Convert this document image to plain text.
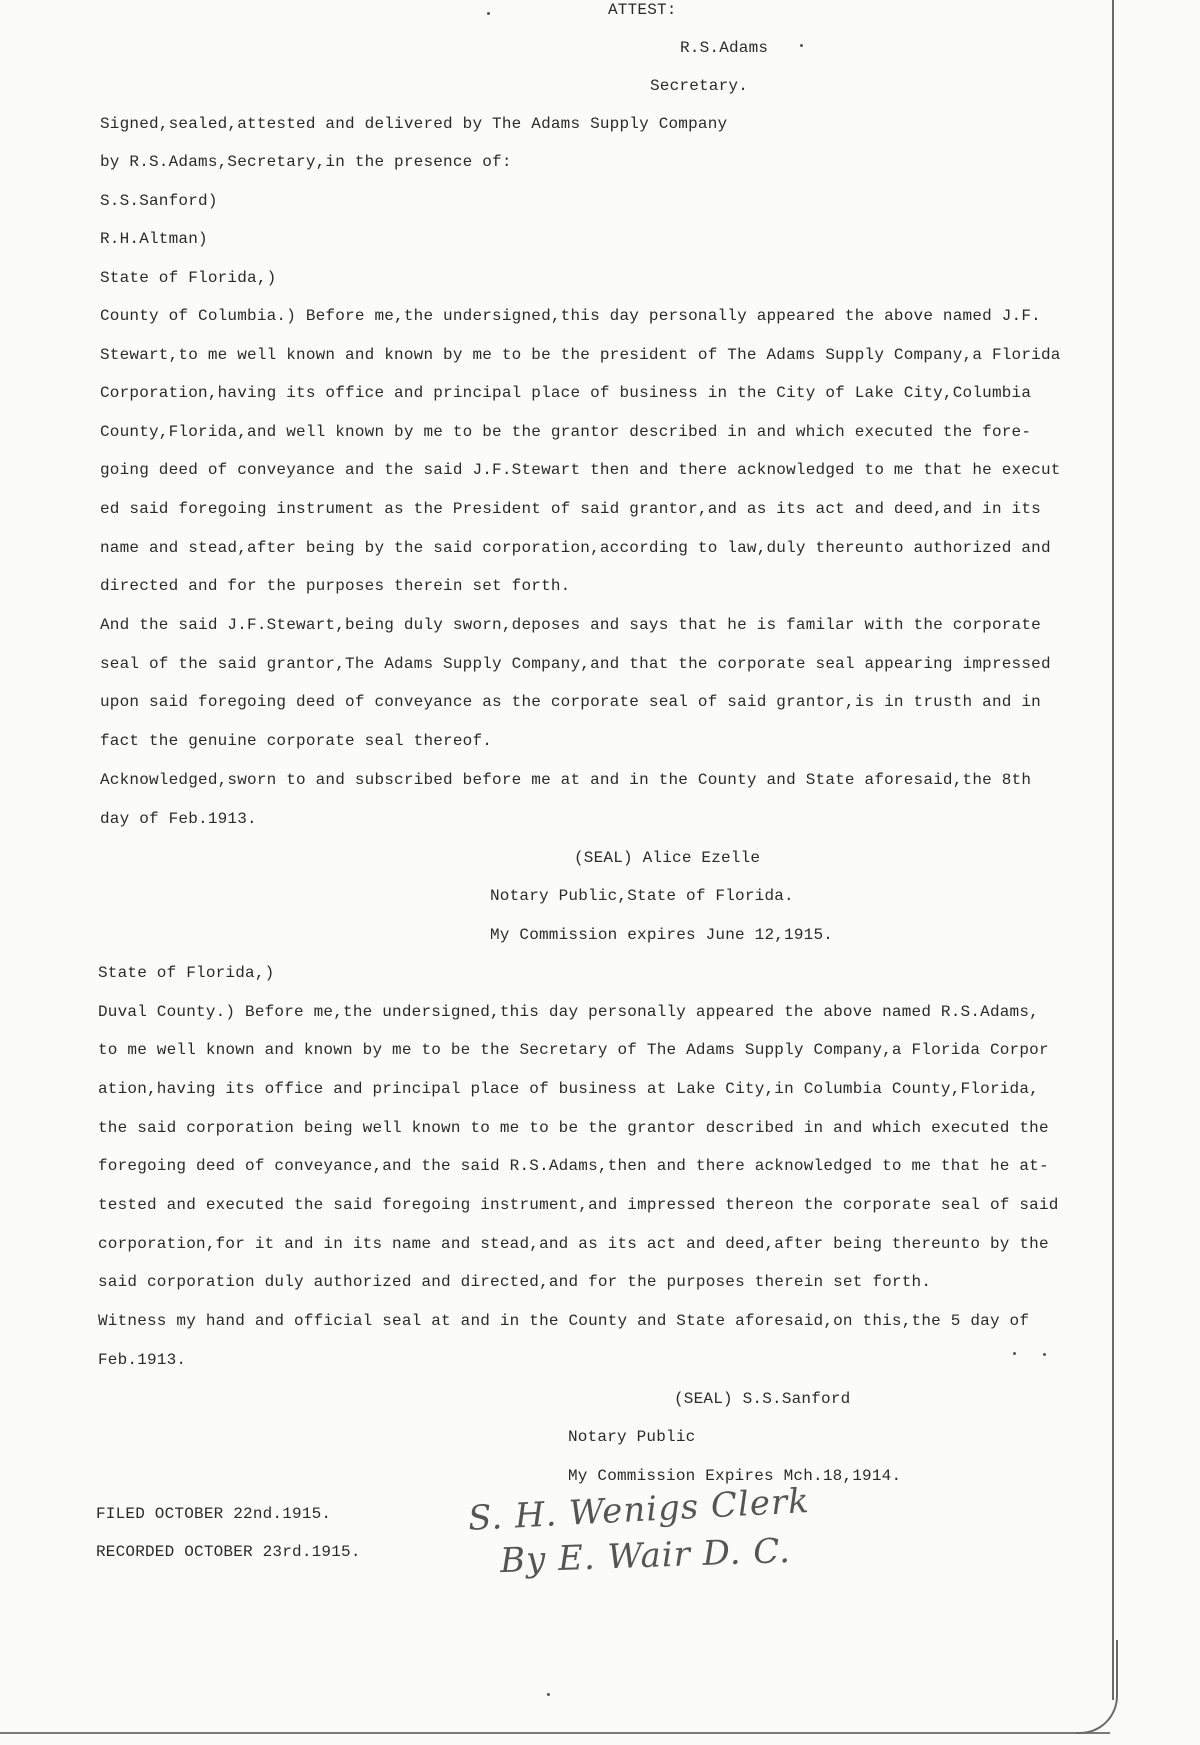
ATTEST:
R.S.Adams
Secretary.
Signed,sealed,attested and delivered by The Adams Supply Company
by R.S.Adams,Secretary,in the presence of:
S.S.Sanford)
R.H.Altman)
State of Florida,)
County of Columbia.) Before me,the undersigned,this day personally appeared the above named J.F.
Stewart,to me well known and known by me to be the president of The Adams Supply Company,a Florida
Corporation,having its office and principal place of business in the City of Lake City,Columbia
County,Florida,and well known by me to be the grantor described in and which executed the fore-
going deed of conveyance and the said J.F.Stewart then and there acknowledged to me that he execut
ed said foregoing instrument as the President of said grantor,and as its act and deed,and in its
name and stead,after being by the said corporation,according to law,duly thereunto authorized and
directed and for the purposes therein set forth.
And the said J.F.Stewart,being duly sworn,deposes and says that he is familar with the corporate
seal of the said grantor,The Adams Supply Company,and that the corporate seal appearing impressed
upon said foregoing deed of conveyance as the corporate seal of said grantor,is in trusth and in
fact the genuine corporate seal thereof.
Acknowledged,sworn to and subscribed before me at and in the County and State aforesaid,the 8th
day of Feb.1913.
(SEAL) Alice Ezelle
Notary Public,State of Florida.
My Commission expires June 12,1915.
State of Florida,)
Duval County.) Before me,the undersigned,this day personally appeared the above named R.S.Adams,
to me well known and known by me to be the Secretary of The Adams Supply Company,a Florida Corpor
ation,having its office and principal place of business at Lake City,in Columbia County,Florida,
the said corporation being well known to me to be the grantor described in and which executed the
foregoing deed of conveyance,and the said R.S.Adams,then and there acknowledged to me that he at-
tested and executed the said foregoing instrument,and impressed thereon the corporate seal of said
corporation,for it and in its name and stead,and as its act and deed,after being thereunto by the
said corporation duly authorized and directed,and for the purposes therein set forth.
Witness my hand and official seal at and in the County and State aforesaid,on this,the 5 day of
Feb.1913.
(SEAL) S.S.Sanford
Notary Public
My Commission Expires Mch.18,1914.
FILED OCTOBER 22nd.1915.
RECORDED OCTOBER 23rd.1915.
S. H. Wenigs Clerk
By E. Wair D. C.
